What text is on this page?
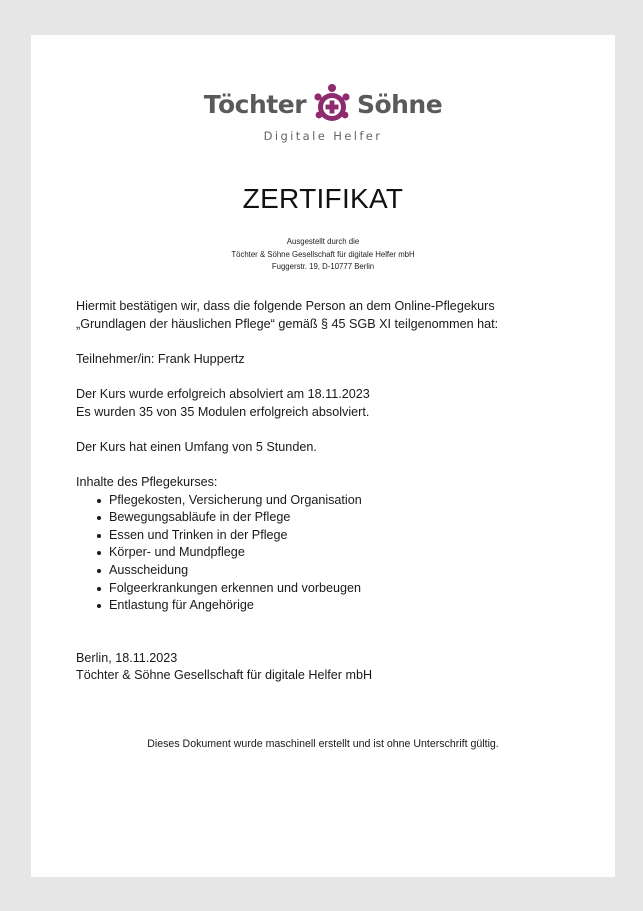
Töchter Söhne
Digitale Helfer
ZERTIFIKAT
Ausgestellt durch die
Töchter & Söhne Gesellschaft für digitale Helfer mbH
Fuggerstr. 19, D-10777 Berlin

Hiermit bestätigen wir, dass die folgende Person an dem Online-Pflegekurs

„Grundlagen der häuslichen Pflege“ gemäß § 45 SGB XI teilgenommen hat:

Teilnehmer/in: Frank Huppertz

Der Kurs wurde erfolgreich absolviert am 18.11.2023

Es wurden 35 von 35 Modulen erfolgreich absolviert.

Der Kurs hat einen Umfang von 5 Stunden.

Inhalte des Pflegekurses:

Pflegekosten, Versicherung und Organisation
Bewegungsabläufe in der Pflege
Essen und Trinken in der Pflege
Körper- und Mundpflege
Ausscheidung
Folgeerkrankungen erkennen und vorbeugen
Entlastung für Angehörige

Berlin, 18.11.2023

Töchter & Söhne Gesellschaft für digitale Helfer mbH

Dieses Dokument wurde maschinell erstellt und ist ohne Unterschrift gültig.
